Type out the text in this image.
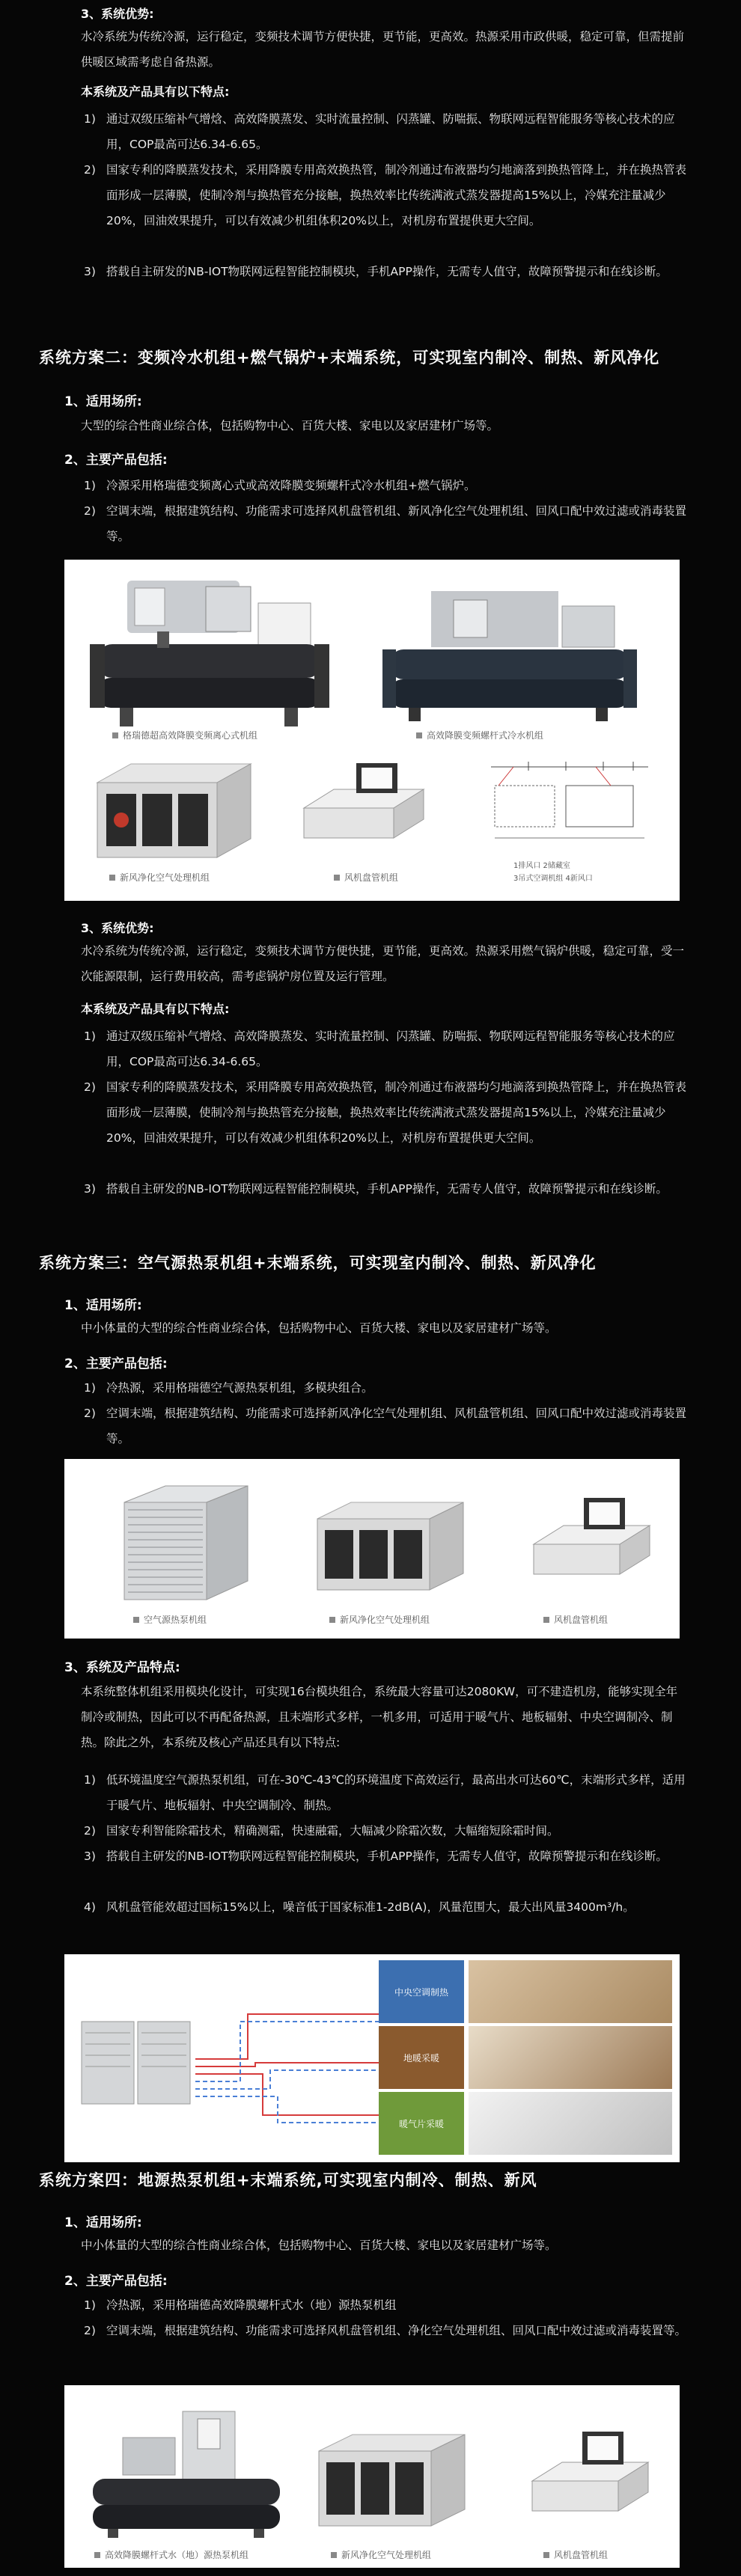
3、系统优势:
水冷系统为传统冷源，运行稳定，变频技术调节方便快捷，更节能，更高效。热源采用市政供暖，稳定可靠，但需提前供暖区域需考虑自备热源。
本系统及产品具有以下特点:
1) 通过双级压缩补气增焓、高效降膜蒸发、实时流量控制、闪蒸罐、防喘振、物联网远程智能服务等核心技术的应用，COP最高可达6.34-6.65。
2) 国家专利的降膜蒸发技术，采用降膜专用高效换热管，制冷剂通过布液器均匀地滴落到换热管降上，并在换热管表面形成一层薄膜，使制冷剂与换热管充分接触，换热效率比传统满液式蒸发器提高15%以上，冷媒充注量减少20%，回油效果提升，可以有效减少机组体积20%以上，对机房布置提供更大空间。
3) 搭载自主研发的NB-IOT物联网远程智能控制模块，手机APP操作，无需专人值守，故障预警提示和在线诊断。
系统方案二：变频冷水机组+燃气锅炉+末端系统，可实现室内制冷、制热、新风净化
1、适用场所:
大型的综合性商业综合体，包括购物中心、百货大楼、家电以及家居建材广场等。
2、主要产品包括:
1) 冷源采用格瑞德变频离心式或高效降膜变频螺杆式冷水机组+燃气锅炉。
2) 空调末端，根据建筑结构、功能需求可选择风机盘管机组、新风净化空气处理机组、回风口配中效过滤或消毒装置等。
格瑞德超高效降膜变频离心式机组	高效降膜变频螺杆式冷水机组
新风净化空气处理机组	风机盘管机组
1排风口 2储藏室
3吊式空调机组 4新风口
3、系统优势:
水冷系统为传统冷源，运行稳定，变频技术调节方便快捷，更节能，更高效。热源采用燃气锅炉供暖，稳定可靠，受一次能源限制，运行费用较高，需考虑锅炉房位置及运行管理。
本系统及产品具有以下特点:
1) 通过双级压缩补气增焓、高效降膜蒸发、实时流量控制、闪蒸罐、防喘振、物联网远程智能服务等核心技术的应用，COP最高可达6.34-6.65。
2) 国家专利的降膜蒸发技术，采用降膜专用高效换热管，制冷剂通过布液器均匀地滴落到换热管降上，并在换热管表面形成一层薄膜，使制冷剂与换热管充分接触，换热效率比传统满液式蒸发器提高15%以上，冷媒充注量减少20%，回油效果提升，可以有效减少机组体积20%以上，对机房布置提供更大空间。
3) 搭载自主研发的NB-IOT物联网远程智能控制模块，手机APP操作，无需专人值守，故障预警提示和在线诊断。
系统方案三：空气源热泵机组+末端系统，可实现室内制冷、制热、新风净化
1、适用场所:
中小体量的大型的综合性商业综合体，包括购物中心、百货大楼、家电以及家居建材广场等。
2、主要产品包括:
1) 冷热源，采用格瑞德空气源热泵机组，多模块组合。
2) 空调末端，根据建筑结构、功能需求可选择新风净化空气处理机组、风机盘管机组、回风口配中效过滤或消毒装置等。
空气源热泵机组	新风净化空气处理机组	风机盘管机组
3、系统及产品特点:
本系统整体机组采用模块化设计，可实现16台模块组合，系统最大容量可达2080KW，可不建造机房，能够实现全年制冷或制热，因此可以不再配备热源，且末端形式多样，一机多用，可适用于暖气片、地板辐射、中央空调制冷、制热。除此之外，本系统及核心产品还具有以下特点:
1) 低环境温度空气源热泵机组，可在-30℃-43℃的环境温度下高效运行，最高出水可达60℃，末端形式多样，适用于暖气片、地板辐射、中央空调制冷、制热。
2) 国家专利智能除霜技术，精确测霜，快速融霜，大幅减少除霜次数，大幅缩短除霜时间。
3) 搭载自主研发的NB-IOT物联网远程智能控制模块，手机APP操作，无需专人值守，故障预警提示和在线诊断。
4) 风机盘管能效超过国标15%以上，噪音低于国家标准1-2dB(A)，风量范围大，最大出风量3400m³/h。
中央空调制热
地暖采暖
暖气片采暖
系统方案四：地源热泵机组+末端系统,可实现室内制冷、制热、新风
1、适用场所:
中小体量的大型的综合性商业综合体，包括购物中心、百货大楼、家电以及家居建材广场等。
2、主要产品包括:
1) 冷热源，采用格瑞德高效降膜螺杆式水（地）源热泵机组
2) 空调末端，根据建筑结构、功能需求可选择风机盘管机组、净化空气处理机组、回风口配中效过滤或消毒装置等。
高效降膜螺杆式水（地）源热泵机组	新风净化空气处理机组	风机盘管机组
